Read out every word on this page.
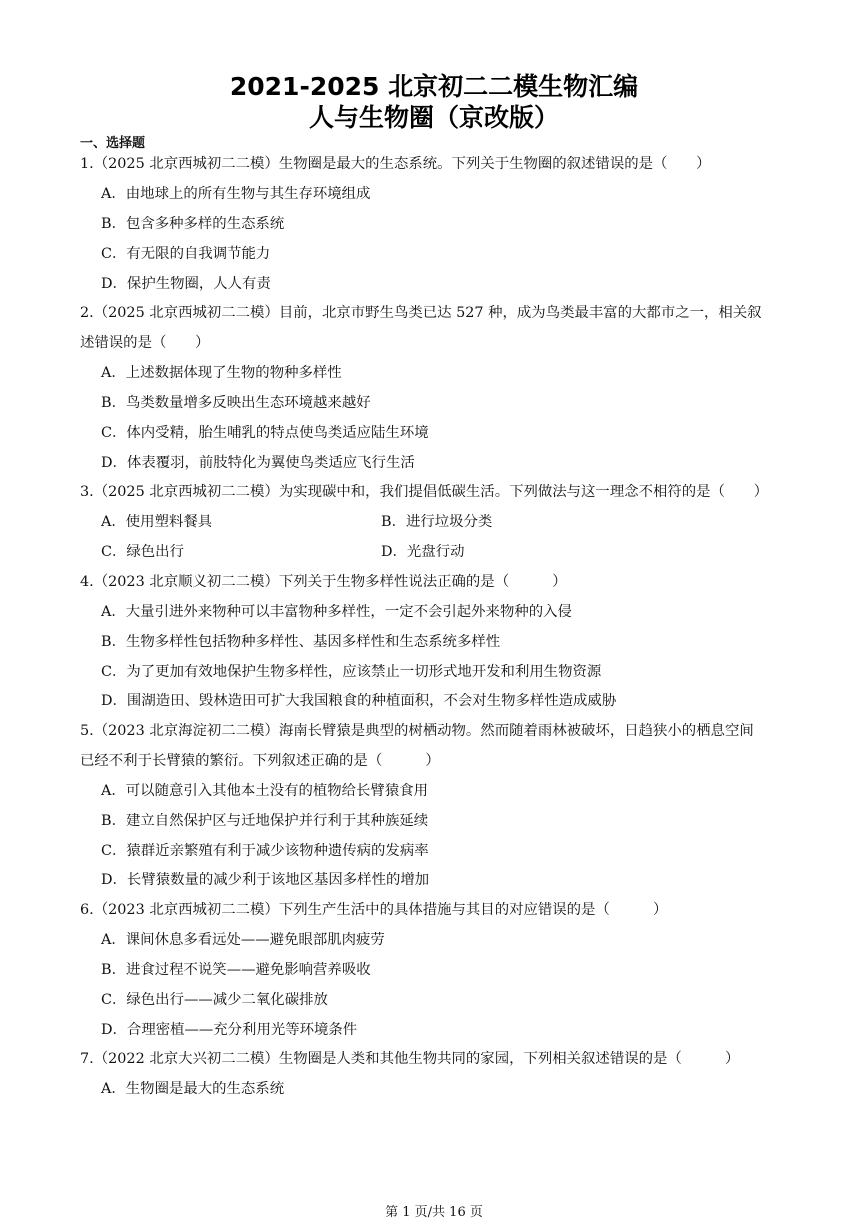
2021-2025 北京初二二模生物汇编
人与生物圈（京改版）
一、选择题
1.（2025 北京西城初二二模）生物圈是最大的生态系统。下列关于生物圈的叙述错误的是（　　）
A．由地球上的所有生物与其生存环境组成
B．包含多种多样的生态系统
C．有无限的自我调节能力
D．保护生物圈，人人有责
2.（2025 北京西城初二二模）目前，北京市野生鸟类已达 527 种，成为鸟类最丰富的大都市之一，相关叙
述错误的是（　　）
A．上述数据体现了生物的物种多样性
B．鸟类数量增多反映出生态环境越来越好
C．体内受精，胎生哺乳的特点使鸟类适应陆生环境
D．体表覆羽，前肢特化为翼使鸟类适应飞行生活
3.（2025 北京西城初二二模）为实现碳中和，我们提倡低碳生活。下列做法与这一理念不相符的是（　　）
A．使用塑料餐具	B．进行垃圾分类
C．绿色出行	D．光盘行动
4.（2023 北京顺义初二二模）下列关于生物多样性说法正确的是（　　　）
A．大量引进外来物种可以丰富物种多样性，一定不会引起外来物种的入侵
B．生物多样性包括物种多样性、基因多样性和生态系统多样性
C．为了更加有效地保护生物多样性，应该禁止一切形式地开发和利用生物资源
D．围湖造田、毁林造田可扩大我国粮食的种植面积，不会对生物多样性造成威胁
5.（2023 北京海淀初二二模）海南长臂猿是典型的树栖动物。然而随着雨林被破坏，日趋狭小的栖息空间
已经不利于长臂猿的繁衍。下列叙述正确的是（　　　）
A．可以随意引入其他本土没有的植物给长臂猿食用
B．建立自然保护区与迁地保护并行利于其种族延续
C．猿群近亲繁殖有利于减少该物种遗传病的发病率
D．长臂猿数量的减少利于该地区基因多样性的增加
6.（2023 北京西城初二二模）下列生产生活中的具体措施与其目的对应错误的是（　　　）
A．课间休息多看远处——避免眼部肌肉疲劳
B．进食过程不说笑——避免影响营养吸收
C．绿色出行——减少二氧化碳排放
D．合理密植——充分利用光等环境条件
7.（2022 北京大兴初二二模）生物圈是人类和其他生物共同的家园，下列相关叙述错误的是（　　　）
A．生物圈是最大的生态系统
第 1 页/共 16 页
